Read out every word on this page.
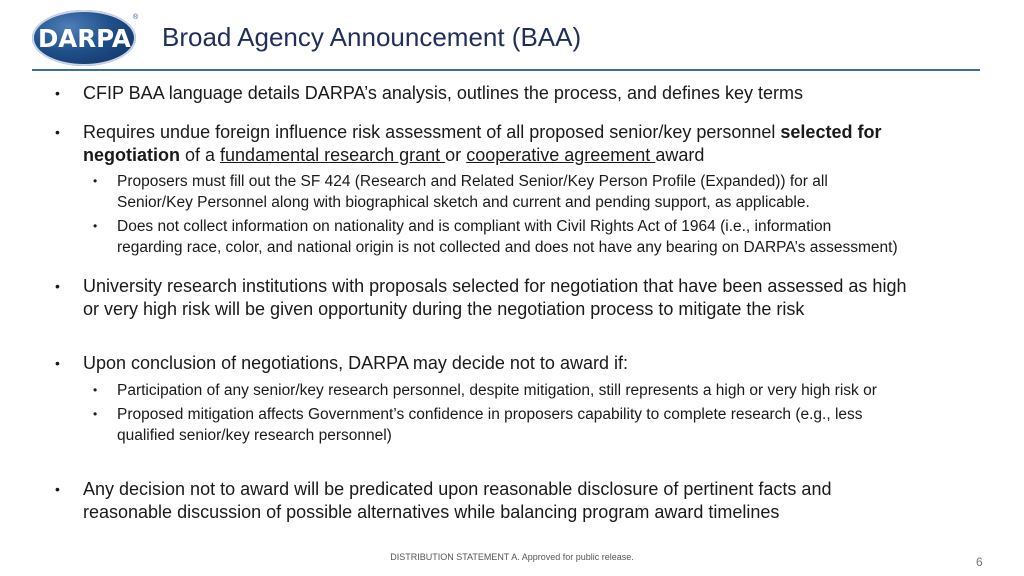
DARPA
®
Broad Agency Announcement (BAA)
• CFIP BAA language details DARPA’s analysis, outlines the process, and defines key terms
• Requires undue foreign influence risk assessment of all proposed senior/key personnel selected for
negotiation of a fundamental research grant or cooperative agreement award
• Proposers must fill out the SF 424 (Research and Related Senior/Key Person Profile (Expanded)) for all
Senior/Key Personnel along with biographical sketch and current and pending support, as applicable.
• Does not collect information on nationality and is compliant with Civil Rights Act of 1964 (i.e., information
regarding race, color, and national origin is not collected and does not have any bearing on DARPA’s assessment)
• University research institutions with proposals selected for negotiation that have been assessed as high
or very high risk will be given opportunity during the negotiation process to mitigate the risk
• Upon conclusion of negotiations, DARPA may decide not to award if:
• Participation of any senior/key research personnel, despite mitigation, still represents a high or very high risk or
• Proposed mitigation affects Government’s confidence in proposers capability to complete research (e.g., less
qualified senior/key research personnel)
• Any decision not to award will be predicated upon reasonable disclosure of pertinent facts and
reasonable discussion of possible alternatives while balancing program award timelines
DISTRIBUTION STATEMENT A. Approved for public release.	6
